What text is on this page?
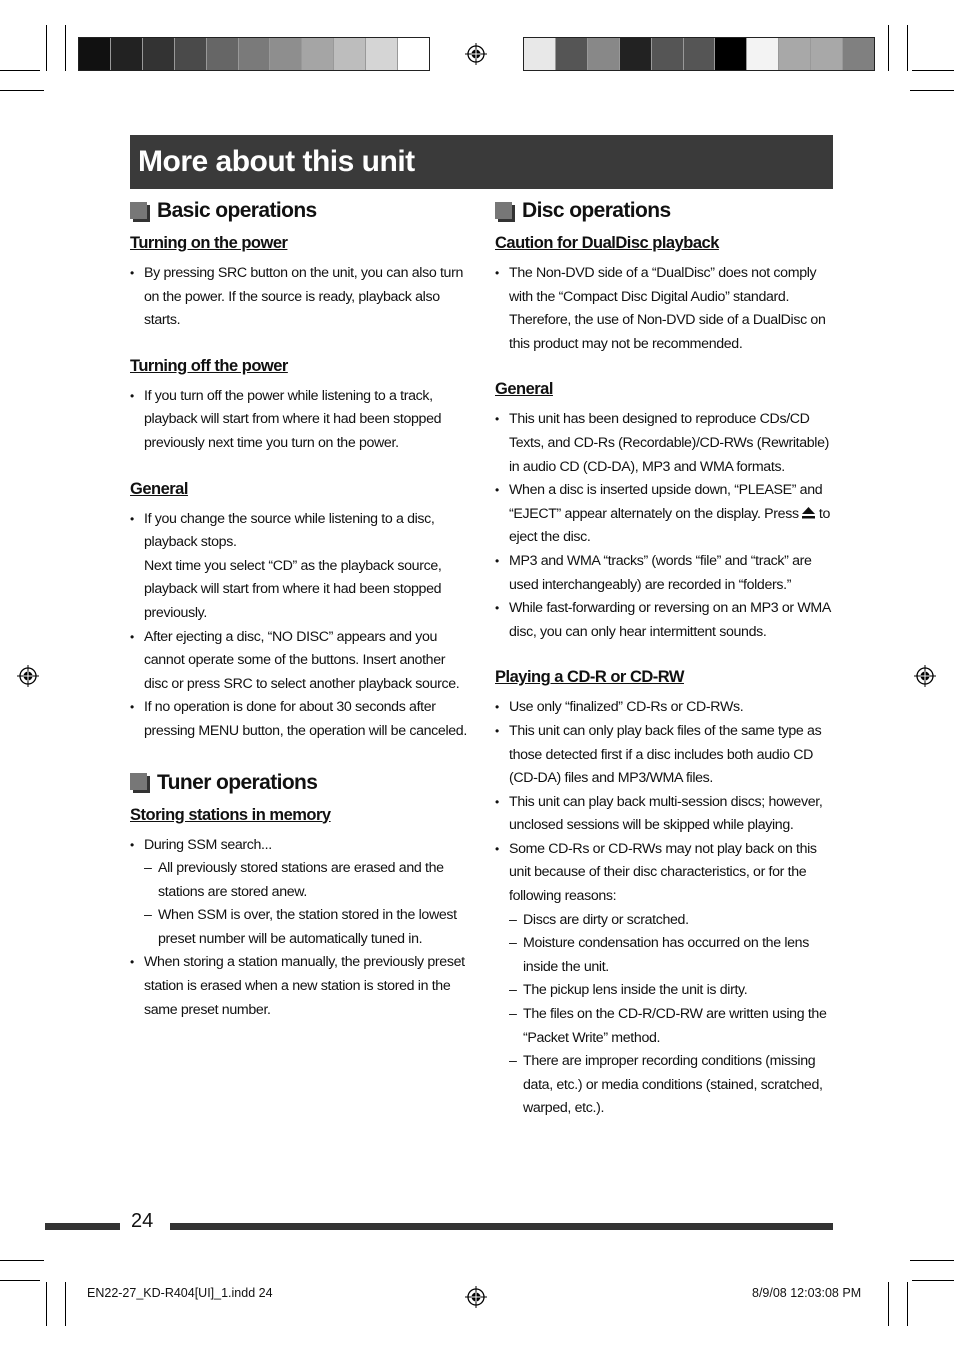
More about this unit
Basic operations
Turning on the power
• By pressing SRC button on the unit, you can also turn on the power. If the source is ready, playback also starts.
Turning off the power
• If you turn off the power while listening to a track, playback will start from where it had been stopped previously next time you turn on the power.
General
• If you change the source while listening to a disc, playback stops.
Next time you select “CD” as the playback source, playback will start from where it had been stopped previously.
• After ejecting a disc, “NO DISC” appears and you cannot operate some of the buttons. Insert another disc or press SRC to select another playback source.
• If no operation is done for about 30 seconds after pressing MENU button, the operation will be canceled.
Tuner operations
Storing stations in memory
• During SSM search...
– All previously stored stations are erased and the stations are stored anew.
– When SSM is over, the station stored in the lowest preset number will be automatically tuned in.
• When storing a station manually, the previously preset station is erased when a new station is stored in the same preset number.
Disc operations
Caution for DualDisc playback
• The Non-DVD side of a “DualDisc” does not comply with the “Compact Disc Digital Audio” standard. Therefore, the use of Non-DVD side of a DualDisc on this product may not be recommended.
General
• This unit has been designed to reproduce CDs/CD Texts, and CD-Rs (Recordable)/CD-RWs (Rewritable) in audio CD (CD-DA), MP3 and WMA formats.
• When a disc is inserted upside down, “PLEASE” and “EJECT” appear alternately on the display. Press to eject the disc.
• MP3 and WMA “tracks” (words “file” and “track” are used interchangeably) are recorded in “folders.”
• While fast-forwarding or reversing on an MP3 or WMA disc, you can only hear intermittent sounds.
Playing a CD-R or CD-RW
• Use only “finalized” CD-Rs or CD-RWs.
• This unit can only play back files of the same type as those detected first if a disc includes both audio CD (CD-DA) files and MP3/WMA files.
• This unit can play back multi-session discs; however, unclosed sessions will be skipped while playing.
• Some CD-Rs or CD-RWs may not play back on this unit because of their disc characteristics, or for the following reasons:
– Discs are dirty or scratched.
– Moisture condensation has occurred on the lens inside the unit.
– The pickup lens inside the unit is dirty.
– The files on the CD-R/CD-RW are written using the “Packet Write” method.
– There are improper recording conditions (missing data, etc.) or media conditions (stained, scratched, warped, etc.).
24
EN22-27_KD-R404[UI]_1.indd 24	8/9/08 12:03:08 PM
